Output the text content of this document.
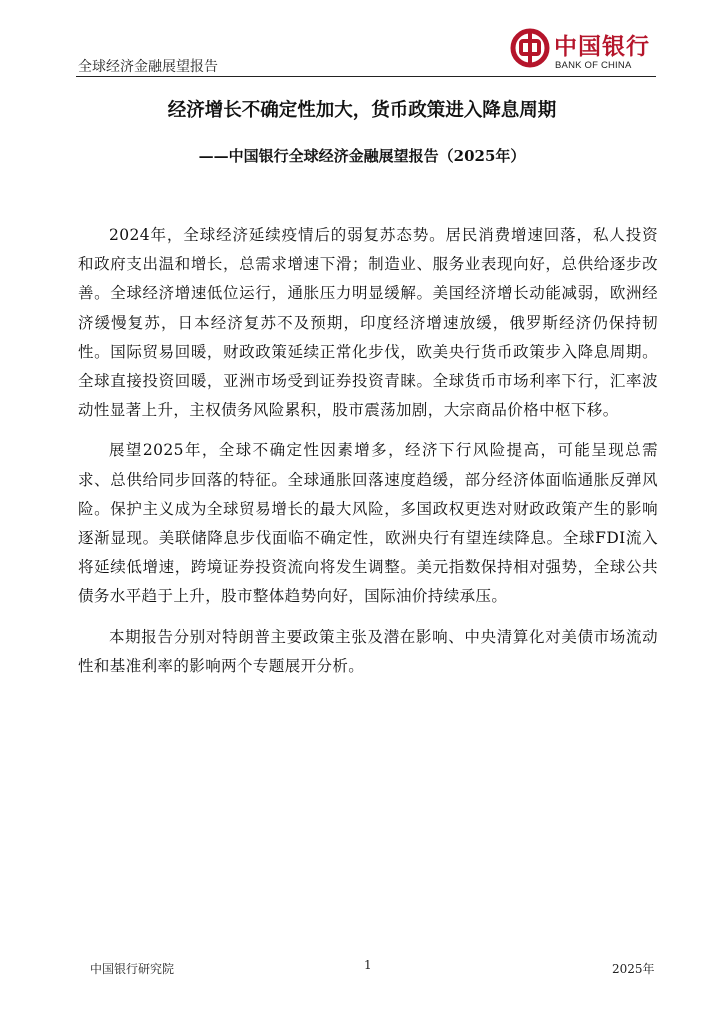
全球经济金融展望报告
中国银行
BANK OF CHINA
经济增长不确定性加大，货币政策进入降息周期
——中国银行全球经济金融展望报告（2025年）

2024年，全球经济延续疫情后的弱复苏态势。居民消费增速回落，私人投资和政府支出温和增长，总需求增速下滑；制造业、服务业表现向好，总供给逐步改善。全球经济增速低位运行，通胀压力明显缓解。美国经济增长动能减弱，欧洲经济缓慢复苏，日本经济复苏不及预期，印度经济增速放缓，俄罗斯经济仍保持韧性。国际贸易回暖，财政政策延续正常化步伐，欧美央行货币政策步入降息周期。全球直接投资回暖，亚洲市场受到证券投资青睐。全球货币市场利率下行，汇率波动性显著上升，主权债务风险累积，股市震荡加剧，大宗商品价格中枢下移。

展望2025年，全球不确定性因素增多，经济下行风险提高，可能呈现总需求、总供给同步回落的特征。全球通胀回落速度趋缓，部分经济体面临通胀反弹风险。保护主义成为全球贸易增长的最大风险，多国政权更迭对财政政策产生的影响逐渐显现。美联储降息步伐面临不确定性，欧洲央行有望连续降息。全球FDI流入将延续低增速，跨境证券投资流向将发生调整。美元指数保持相对强势，全球公共债务水平趋于上升，股市整体趋势向好，国际油价持续承压。

本期报告分别对特朗普主要政策主张及潜在影响、中央清算化对美债市场流动性和基准利率的影响两个专题展开分析。

中国银行研究院	1	2025年
